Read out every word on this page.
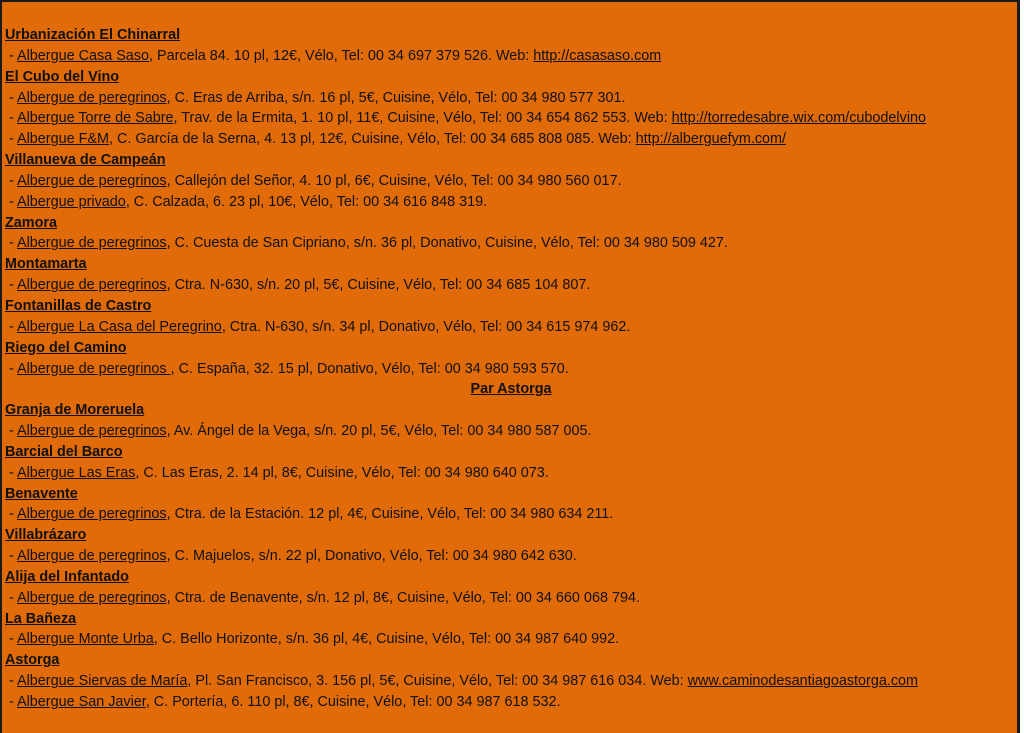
Urbanización El Chinarral
- Albergue Casa Saso, Parcela 84. 10 pl, 12€, Vélo, Tel: 00 34 697 379 526. Web: http://casasaso.com
El Cubo del Vino
- Albergue de peregrinos, C. Eras de Arriba, s/n. 16 pl, 5€, Cuisine, Vélo, Tel: 00 34 980 577 301.
- Albergue Torre de Sabre, Trav. de la Ermita, 1. 10 pl, 11€, Cuisine, Vélo, Tel: 00 34 654 862 553. Web: http://torredesabre.wix.com/cubodelvino
- Albergue F&M, C. García de la Serna, 4. 13 pl, 12€, Cuisine, Vélo, Tel: 00 34 685 808 085. Web: http://alberguefym.com/
Villanueva de Campeán
- Albergue de peregrinos, Callejón del Señor, 4. 10 pl, 6€, Cuisine, Vélo, Tel: 00 34 980 560 017.
- Albergue privado, C. Calzada, 6. 23 pl, 10€, Vélo, Tel: 00 34 616 848 319.
Zamora
- Albergue de peregrinos, C. Cuesta de San Cipriano, s/n. 36 pl, Donativo, Cuisine, Vélo, Tel: 00 34 980 509 427.
Montamarta
- Albergue de peregrinos, Ctra. N-630, s/n. 20 pl, 5€, Cuisine, Vélo, Tel: 00 34 685 104 807.
Fontanillas de Castro
- Albergue La Casa del Peregrino, Ctra. N-630, s/n. 34 pl, Donativo, Vélo, Tel: 00 34 615 974 962.
Riego del Camino
- Albergue de peregrinos , C. España, 32. 15 pl, Donativo, Vélo, Tel: 00 34 980 593 570.
Par Astorga
Granja de Moreruela
- Albergue de peregrinos, Av. Ángel de la Vega, s/n. 20 pl, 5€, Vélo, Tel: 00 34 980 587 005.
Barcial del Barco
- Albergue Las Eras, C. Las Eras, 2. 14 pl, 8€, Cuisine, Vélo, Tel: 00 34 980 640 073.
Benavente
- Albergue de peregrinos, Ctra. de la Estación. 12 pl, 4€, Cuisine, Vélo, Tel: 00 34 980 634 211.
Villabrázaro
- Albergue de peregrinos, C. Majuelos, s/n. 22 pl, Donativo, Vélo, Tel: 00 34 980 642 630.
Alija del Infantado
- Albergue de peregrinos, Ctra. de Benavente, s/n. 12 pl, 8€, Cuisine, Vélo, Tel: 00 34 660 068 794.
La Bañeza
- Albergue Monte Urba, C. Bello Horizonte, s/n. 36 pl, 4€, Cuisine, Vélo, Tel: 00 34 987 640 992.
Astorga
- Albergue Siervas de María, Pl. San Francisco, 3. 156 pl, 5€, Cuisine, Vélo, Tel: 00 34 987 616 034. Web: www.caminodesantiagoastorga.com
- Albergue San Javier, C. Portería, 6. 110 pl, 8€, Cuisine, Vélo, Tel: 00 34 987 618 532.
